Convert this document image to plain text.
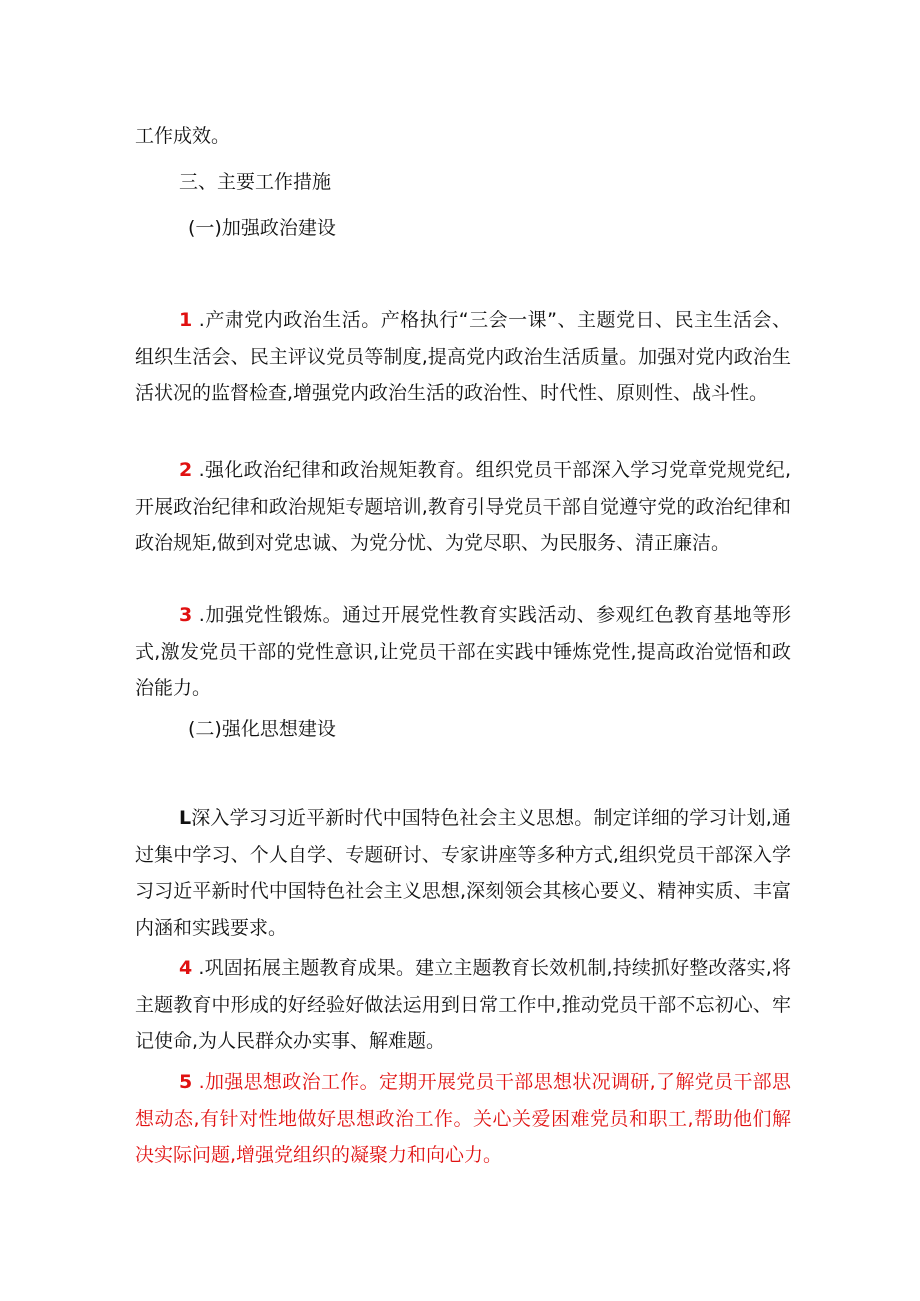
工作成效。
三、主要工作措施
(一)加强政治建设
1 .产肃党内政治生活。产格执行“三会一课”、主题党日、民主生活会、组织生活会、民主评议党员等制度,提高党内政治生活质量。加强对党内政治生活状况的监督检查,增强党内政治生活的政治性、时代性、原则性、战斗性。
2 .强化政治纪律和政治规矩教育。组织党员干部深入学习党章党规党纪,开展政治纪律和政治规矩专题培训,教育引导党员干部自觉遵守党的政治纪律和政治规矩,做到对党忠诚、为党分忧、为党尽职、为民服务、清正廉洁。
3 .加强党性锻炼。通过开展党性教育实践活动、参观红色教育基地等形式,激发党员干部的党性意识,让党员干部在实践中锤炼党性,提高政治觉悟和政治能力。
(二)强化思想建设
L深入学习习近平新时代中国特色社会主义思想。制定详细的学习计划,通过集中学习、个人自学、专题研讨、专家讲座等多种方式,组织党员干部深入学习习近平新时代中国特色社会主义思想,深刻领会其核心要义、精神实质、丰富内涵和实践要求。
4 .巩固拓展主题教育成果。建立主题教育长效机制,持续抓好整改落实,将主题教育中形成的好经验好做法运用到日常工作中,推动党员干部不忘初心、牢记使命,为人民群众办实事、解难题。
5 .加强思想政治工作。定期开展党员干部思想状况调研,了解党员干部思想动态,有针对性地做好思想政治工作。关心关爱困难党员和职工,帮助他们解决实际问题,增强党组织的凝聚力和向心力。
